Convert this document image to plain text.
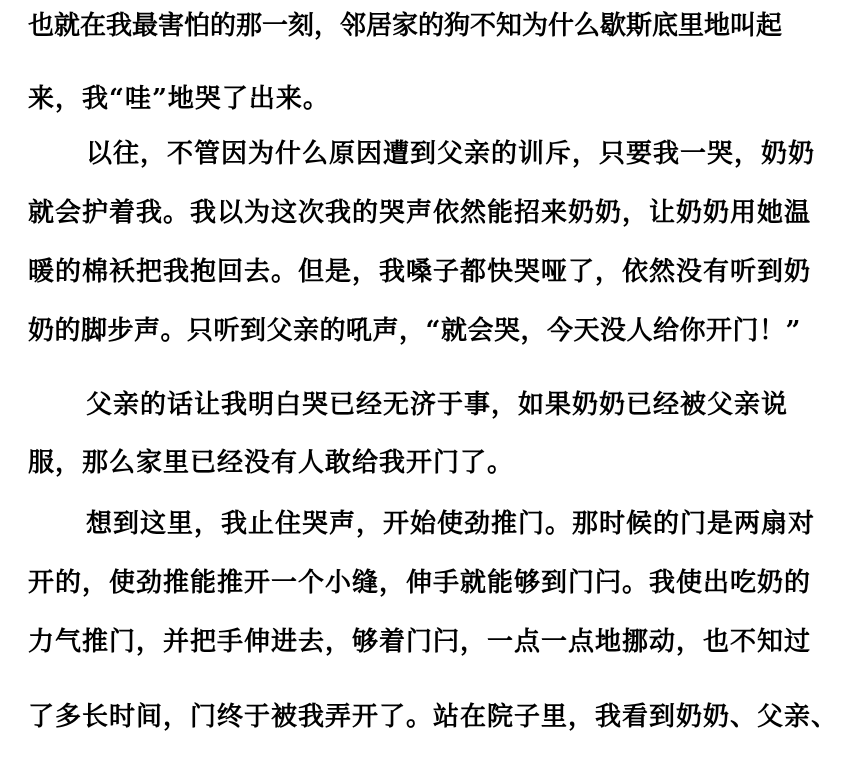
也就在我最害怕的那一刻，邻居家的狗不知为什么歇斯底里地叫起
来，我“哇”地哭了出来。
以往，不管因为什么原因遭到父亲的训斥，只要我一哭，奶奶
就会护着我。我以为这次我的哭声依然能招来奶奶，让奶奶用她温
暖的棉袄把我抱回去。但是，我嗓子都快哭哑了，依然没有听到奶
奶的脚步声。只听到父亲的吼声，“就会哭，今天没人给你开门！”
父亲的话让我明白哭已经无济于事，如果奶奶已经被父亲说
服，那么家里已经没有人敢给我开门了。
想到这里，我止住哭声，开始使劲推门。那时候的门是两扇对
开的，使劲推能推开一个小缝，伸手就能够到门闩。我使出吃奶的
力气推门，并把手伸进去，够着门闩，一点一点地挪动，也不知过
了多长时间，门终于被我弄开了。站在院子里，我看到奶奶、父亲、
